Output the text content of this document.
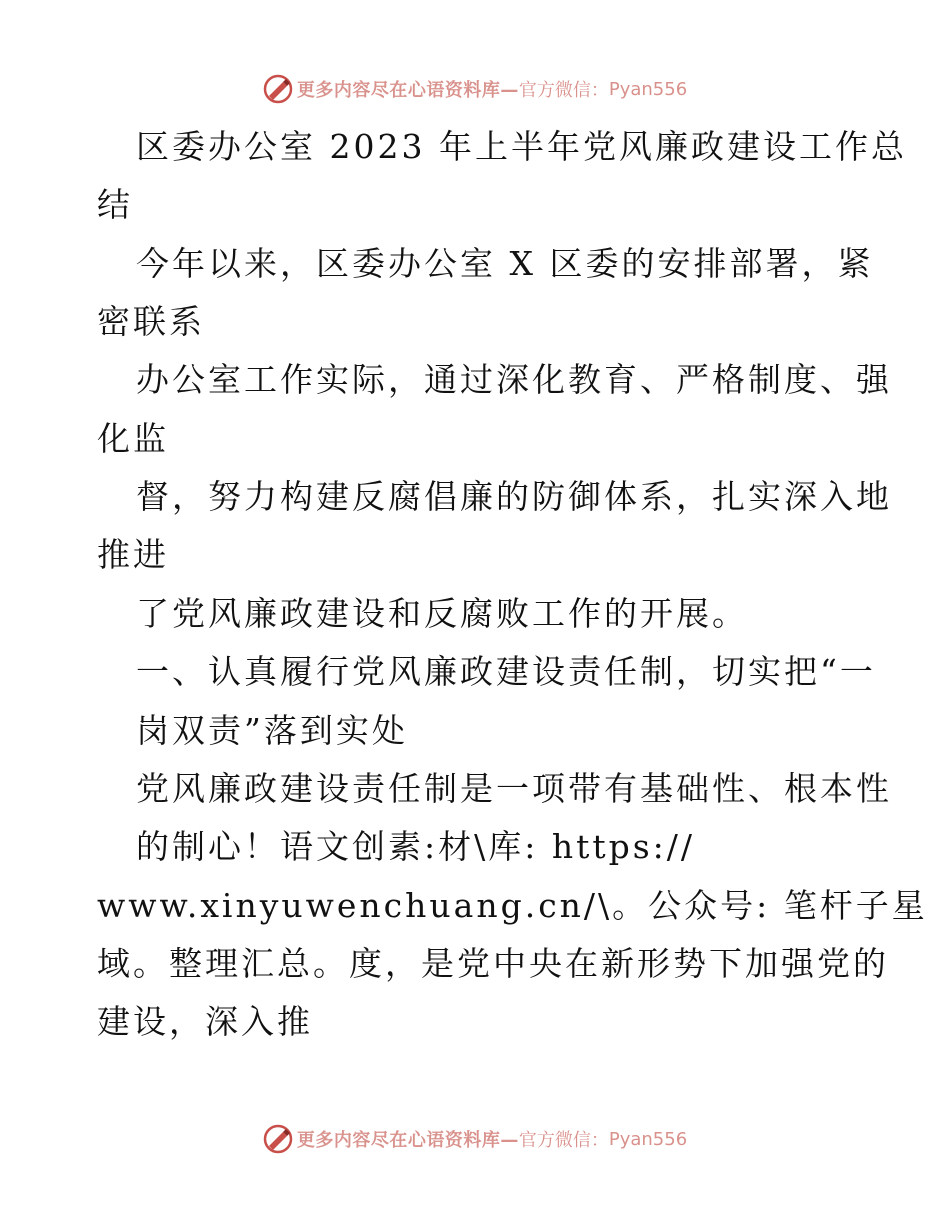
更多内容尽在心语资料库— 官方微信： Pyan556
区委办公室 2023 年上半年党风廉政建设工作总
结
今年以来，区委办公室 X 区委的安排部署，紧
密联系
办公室工作实际，通过深化教育、严格制度、强
化监
督，努力构建反腐倡廉的防御体系，扎实深入地
推进
了党风廉政建设和反腐败工作的开展。
一、认真履行党风廉政建设责任制，切实把“一
岗双责”落到实处
党风廉政建设责任制是一项带有基础性、根本性
的制心！语文创素:材\库: https://
www.xinyuwenchuang.cn/\。公众号: 笔杆子星
域。整理汇总。度，是党中央在新形势下加强党的
建设，深入推
更多内容尽在心语资料库— 官方微信： Pyan556
